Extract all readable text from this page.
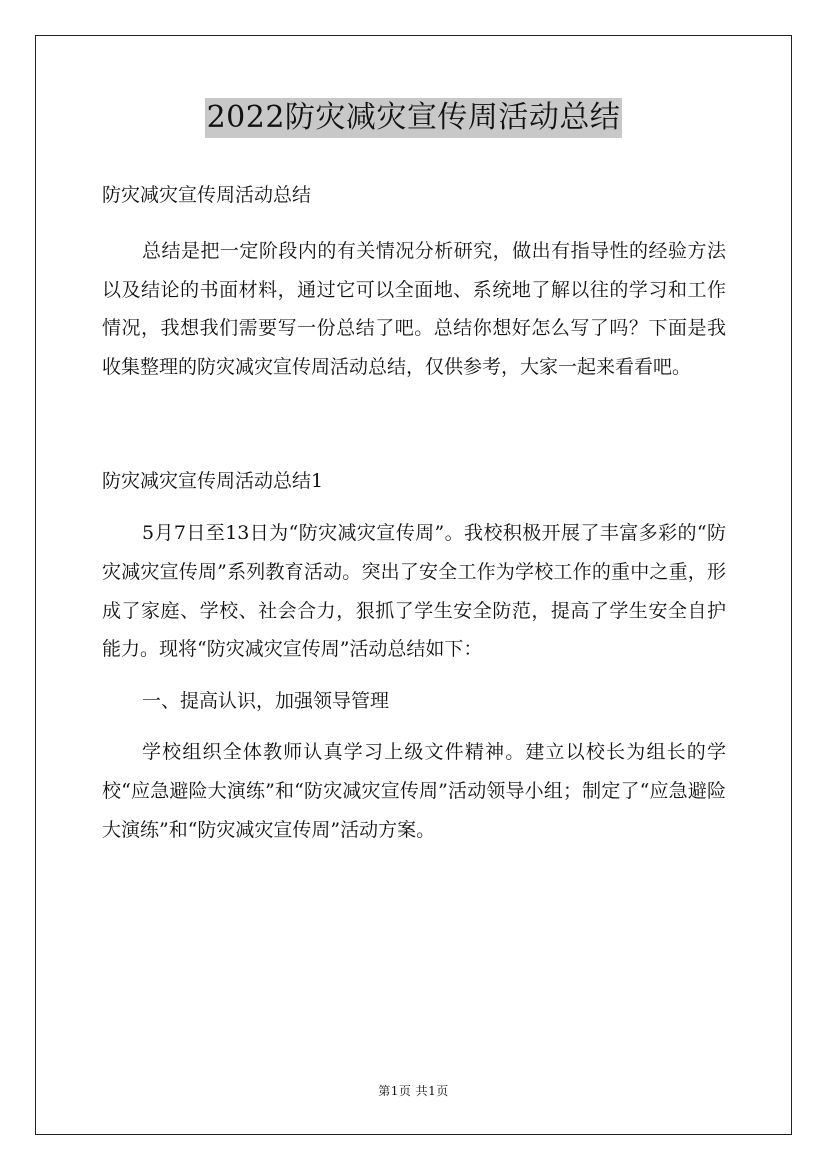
2022防灾减灾宣传周活动总结

防灾减灾宣传周活动总结

总结是把一定阶段内的有关情况分析研究，做出有指导性的经验方法以及结论的书面材料，通过它可以全面地、系统地了解以往的学习和工作情况，我想我们需要写一份总结了吧。总结你想好怎么写了吗？下面是我收集整理的防灾减灾宣传周活动总结，仅供参考，大家一起来看看吧。

防灾减灾宣传周活动总结1

5月7日至13日为“防灾减灾宣传周”。我校积极开展了丰富多彩的“防灾减灾宣传周”系列教育活动。突出了安全工作为学校工作的重中之重，形成了家庭、学校、社会合力，狠抓了学生安全防范，提高了学生安全自护能力。现将“防灾减灾宣传周”活动总结如下：

一、提高认识，加强领导管理

学校组织全体教师认真学习上级文件精神。建立以校长为组长的学校“应急避险大演练”和“防灾减灾宣传周”活动领导小组；制定了“应急避险大演练”和“防灾减灾宣传周”活动方案。

第1页 共1页
